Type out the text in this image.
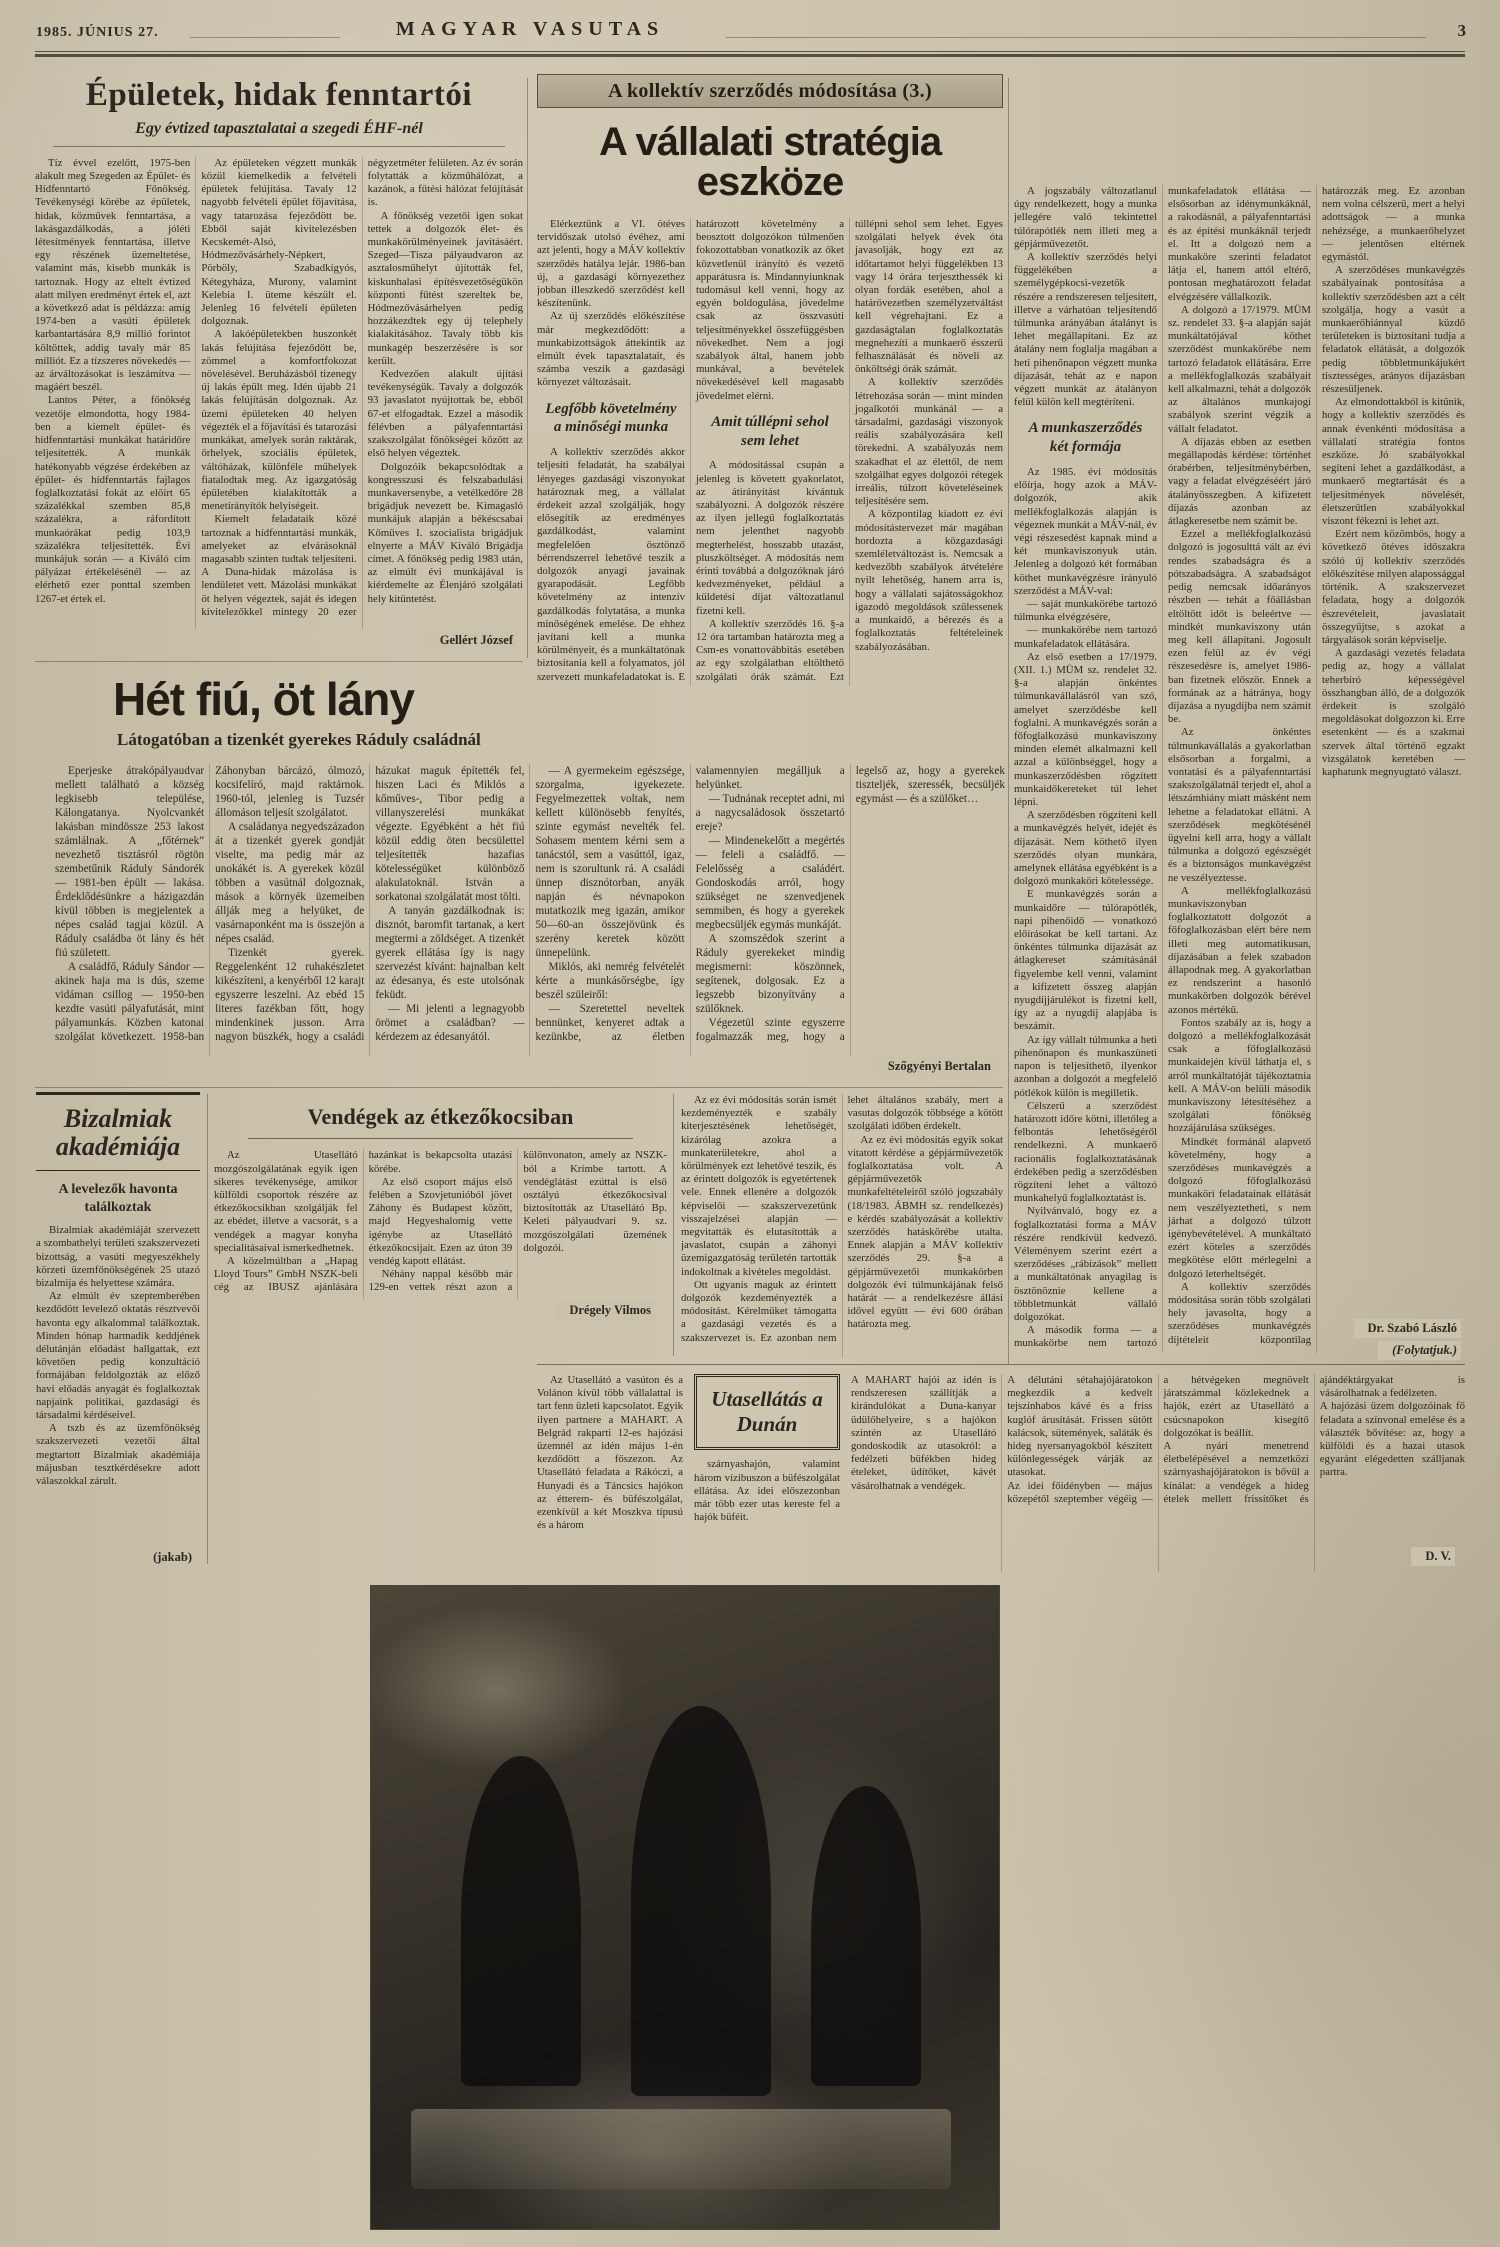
1985. JÚNIUS 27.	MAGYAR VASUTAS	3
Épületek, hidak fenntartói
Egy évtized tapasztalatai a szegedi ÉHF-nél

Tíz évvel ezelőtt, 1975-ben alakult meg Szegeden az Épület- és Hídfenntartó Főnökség. Tevékenységi körébe az épületek, hidak, közművek fenntartása, a lakásgazdálkodás, a jóléti létesítmények fenntartása, illetve egy részének üzemeltetése, valamint más, kisebb munkák is tartoznak. Hogy az eltelt évtized alatt milyen eredményt értek el, azt a következő adat is példázza: amíg 1974-ben a vasúti épületek karbantartására 8,9 millió forintot költöttek, addig tavaly már 85 milliót. Ez a tízszeres növekedés — az árváltozásokat is leszámítva — magáért beszél.

Lantos Péter, a főnökség vezetője elmondotta, hogy 1984-ben a kiemelt épület- és hídfenntartási munkákat határidőre teljesítették. A munkák hatékonyabb végzése érdekében az épület- és hídfenntartás fajlagos foglalkoztatási fokát az előírt 65 százalékkal szemben 85,8 százalékra, a ráfordított munkaórákat pedig 103,9 százalékra teljesítették. Évi munkájuk során — a Kiváló cím pályázat értékelésénél — az elérhető ezer ponttal szemben 1267-et értek el.

Az épületeken végzett munkák közül kiemelkedik a felvételi épületek felújítása. Tavaly 12 nagyobb felvételi épület főjavítása, vagy tatarozása fejeződött be. Ebből saját kivitelezésben Kecskemét-Alsó, Hódmezővásárhely-Népkert, Pörböly, Szabadkígyós, Kétegyháza, Murony, valamint Kelebia I. üteme készült el. Jelenleg 16 felvételi épületen dolgoznak.

A lakóépületekben huszonkét lakás felújítása fejeződött be, zömmel a komfortfokozat növelésével. Beruházásból tizenegy új lakás épült meg. Idén újabb 21 lakás felújításán dolgoznak. Az üzemi épületeken 40 helyen végezték el a főjavítási és tatarozási munkákat, amelyek során raktárak, őrhelyek, szociális épületek, váltóházak, különféle műhelyek fiatalodtak meg. Az igazgatóság épületében kialakították a menetirányítók helyiségeit.

Kiemelt feladataik közé tartoznak a hídfenntartási munkák, amelyeket az elvárásoknál magasabb szinten tudtak teljesíteni. A Duna-hidak mázolása is lendületet vett. Mázolási munkákat öt helyen végeztek, saját és idegen kivitelezőkkel mintegy 20 ezer négyzetméter felületen. Az év során folytatták a közműhálózat, a kazánok, a fűtési hálózat felújítását is.

A főnökség vezetői igen sokat tettek a dolgozók élet- és munkakörülményeinek javításáért. Szeged—Tisza pályaudvaron az asztalosműhelyt újították fel, kiskunhalasi építésvezetőségükön központi fűtést szereltek be, Hódmezővásárhelyen pedig hozzákezdtek egy új telephely kialakításához. Tavaly több kis munkagép beszerzésére is sor került.

Kedvezően alakult újítási tevékenységük. Tavaly a dolgozók 93 javaslatot nyújtottak be, ebből 67-et elfogadtak. Ezzel a második félévben a pályafenntartási szakszolgálat főnökségei között az első helyen végeztek.

Dolgozóik bekapcsolódtak a kongresszusi és felszabadulási munkaversenybe, a vetélkedőre 28 brigádjuk nevezett be. Kimagasló munkájuk alapján a békéscsabai Kőműves I. szocialista brigádjuk elnyerte a MÁV Kiváló Brigádja címet. A főnökség pedig 1983 után, az elmúlt évi munkájával is kiérdemelte az Élenjáró szolgálati hely kitüntetést.

Gellért József
A kollektív szerződés módosítása (3.)
A vállalati stratégia eszköze

Elérkeztünk a VI. ötéves tervidőszak utolsó évéhez, ami azt jelenti, hogy a MÁV kollektív szerződés hatálya lejár. 1986-ban új, a gazdasági környezethez jobban illeszkedő szerződést kell készítenünk.

Az új szerződés előkészítése már megkezdődött: a munkabizottságok áttekintik az elmúlt évek tapasztalatait, és számba veszik a gazdasági környezet változásait.

Legfőbb követelmény a minőségi munka

A kollektív szerződés akkor teljesíti feladatát, ha szabályai lényeges gazdasági viszonyokat határoznak meg, a vállalat érdekeit azzal szolgálják, hogy elősegítik az eredményes gazdálkodást, valamint megfelelően ösztönző bérrendszerrel lehetővé teszik a dolgozók anyagi javainak gyarapodását. Legfőbb követelmény az intenzív gazdálkodás folytatása, a munka minőségének emelése. De ehhez javítani kell a munka körülményeit, és a munkáltatónak biztosítania kell a folyamatos, jól szervezett munkafeladatokat is. E határozott követelmény a beosztott dolgozókon túlmenően fokozottabban vonatkozik az őket közvetlenül irányító és vezető apparátusra is. Mindannyiunknak tudomásul kell venni, hogy az egyén boldogulása, jövedelme csak az összvasúti teljesítményekkel összefüggésben növekedhet. Nem a jogi szabályok által, hanem jobb munkával, a bevételek növekedésével kell magasabb jövedelmet elérni.

Amit túllépni sehol sem lehet

A módosítással csupán a jelenleg is követett gyakorlatot, az átirányítást kívántuk szabályozni. A dolgozók részére az ilyen jellegű foglalkoztatás nem jelenthet nagyobb megterhelést, hosszabb utazást, pluszköltséget. A módosítás nem érinti továbbá a dolgozóknak járó kedvezményeket, például a küldetési díjat változatlanul fizetni kell.

A kollektív szerződés 16. §-a 12 óra tartamban határozta meg a Csm-es vonattovábbítás esetében az egy szolgálatban eltölthető szolgálati órák számát. Ezt túllépni sehol sem lehet. Egyes szolgálati helyek évek óta javasolják, hogy ezt az időtartamot helyi függelékben 13 vagy 14 órára terjeszthessék ki olyan fordák esetében, ahol a határövezetben személyzetváltást kell végrehajtani. Ez a gazdaságtalan foglalkoztatás megnehezíti a munkaerő ésszerű felhasználását és növeli az önköltségi órák számát.

A kollektív szerződés létrehozása során — mint minden jogalkotói munkánál — a társadalmi, gazdasági viszonyok reális szabályozására kell törekedni. A szabályozás nem szakadhat el az élettől, de nem szolgálhat egyes dolgozói rétegek irreális, túlzott követeléseinek teljesítésére sem.

A központilag kiadott ez évi módosítástervezet már magában hordozta a közgazdasági szemléletváltozást is. Nemcsak a kedvezőbb szabályok átvételére nyílt lehetőség, hanem arra is, hogy a vállalati sajátosságokhoz igazodó megoldások szülessenek a munkaidő, a bérezés és a foglalkoztatás feltételeinek szabályozásában.

Az ez évi módosítás során ismét kezdeményezték e szabály kiterjesztésének lehetőségét, kizárólag azokra a munkaterületekre, ahol a körülmények ezt lehetővé teszik, és az érintett dolgozók is egyetértenek vele. Ennek ellenére a dolgozók képviselői — szakszervezetünk visszajelzései alapján — megvitatták és elutasították a javaslatot, csupán a záhonyi üzemigazgatóság területén tartották indokoltnak a kivételes megoldást.

Ott ugyanis maguk az érintett dolgozók kezdeményezték a módosítást. Kérelmüket támogatta a gazdasági vezetés és a szakszervezet is. Ez azonban nem lehet általános szabály, mert a vasutas dolgozók többsége a kötött szolgálati időben érdekelt.

Az ez évi módosítás egyik sokat vitatott kérdése a gépjárművezetők foglalkoztatása volt. A gépjárművezetők munkafeltételeiről szóló jogszabály (18/1983. ÁBMH sz. rendelkezés) e kérdés szabályozását a kollektív szerződés hatáskörébe utalta. Ennek alapján a MÁV kollektív szerződés 29. §-a a gépjárművezetői munkakörben dolgozók évi túlmunkájának felső határát — a rendelkezésre állási idővel együtt — évi 600 órában határozta meg.

A jogszabály változatlanul úgy rendelkezett, hogy a munka jellegére való tekintettel túlórapótlék nem illeti meg a gépjárművezetőt.

A kollektív szerződés helyi függelékében a személygépkocsi-vezetők részére a rendszeresen teljesített, illetve a várhatóan teljesítendő túlmunka arányában átalányt is lehet megállapítani. Ez az átalány nem foglalja magában a heti pihenőnapon végzett munka díjazását, tehát az e napon végzett munkát az átalányon felül külön kell megtéríteni.

A munkaszerződés két formája

Az 1985. évi módosítás előírja, hogy azok a MÁV-dolgozók, akik mellékfoglalkozás alapján is végeznek munkát a MÁV-nál, év végi részesedést kapnak mind a két munkaviszonyuk után. Jelenleg a dolgozó két formában köthet munkavégzésre irányuló szerződést a MÁV-val:

— saját munkakörébe tartozó túlmunka elvégzésére,

— munkakörébe nem tartozó munkafeladatok ellátására.

Az első esetben a 17/1979. (XII. 1.) MÜM sz. rendelet 32. §-a alapján önkéntes túlmunkavállalásról van szó, amelyet szerződésbe kell foglalni. A munkavégzés során a főfoglalkozású munkaviszony minden elemét alkalmazni kell azzal a különbséggel, hogy a munkaszerződésben rögzített munkaidőkereteket túl lehet lépni.

A szerződésben rögzíteni kell a munkavégzés helyét, idejét és díjazását. Nem köthető ilyen szerződés olyan munkára, amelynek ellátása egyébként is a dolgozó munkaköri kötelessége.

E munkavégzés során a munkaidőre — túlórapótlék, napi pihenőidő — vonatkozó előírásokat be kell tartani. Az önkéntes túlmunka díjazását az átlagkereset számításánál figyelembe kell venni, valamint a kifizetett összeg alapján nyugdíjjárulékot is fizetni kell, így az a nyugdíj alapjába is beszámít.

Az így vállalt túlmunka a heti pihenőnapon és munkaszüneti napon is teljesíthető, ilyenkor azonban a dolgozót a megfelelő pótlékok külön is megilletik.

Célszerű a szerződést határozott időre kötni, illetőleg a felbontás lehetőségéről rendelkezni. A munkaerő racionális foglalkoztatásának érdekében pedig a szerződésben rögzíteni lehet a változó munkahelyű foglalkoztatást is.

Nyilvánvaló, hogy ez a foglalkoztatási forma a MÁV részére rendkívül kedvező. Véleményem szerint ezért a szerződéses „rábízások” mellett a munkáltatónak anyagilag is ösztönöznie kellene a többletmunkát vállaló dolgozókat.

A második forma — a munkakörbe nem tartozó munkafeladatok ellátása — elsősorban az idénymunkáknál, a rakodásnál, a pályafenntartási és az építési munkáknál terjedt el. Itt a dolgozó nem a munkaköre szerinti feladatot látja el, hanem attól eltérő, pontosan meghatározott feladat elvégzésére vállalkozik.

A dolgozó a 17/1979. MÜM sz. rendelet 33. §-a alapján saját munkáltatójával köthet szerződést munkakörébe nem tartozó feladatok ellátására. Erre a mellékfoglalkozás szabályait kell alkalmazni, tehát a dolgozók az általános munkajogi szabályok szerint végzik a vállalt feladatot.

A díjazás ebben az esetben megállapodás kérdése: történhet órabérben, teljesítménybérben, vagy a feladat elvégzéséért járó átalányösszegben. A kifizetett díjazás azonban az átlagkeresetbe nem számít be.

Ezzel a mellékfoglalkozású dolgozó is jogosulttá vált az évi rendes szabadságra és a pótszabadságra. A szabadságot pedig nemcsak időarányos részben — tehát a főállásban eltöltött időt is beleértve — mindkét munkaviszony után meg kell állapítani. Jogosult ezen felül az év végi részesedésre is, amelyet 1986-ban fizetnek először. Ennek a formának az a hátránya, hogy díjazása a nyugdíjba nem számít be.

Az önkéntes túlmunkavállalás a gyakorlatban elsősorban a forgalmi, a vontatási és a pályafenntartási szakszolgálatnál terjedt el, ahol a létszámhiány miatt másként nem lehetne a feladatokat ellátni. A szerződések megkötésénél ügyelni kell arra, hogy a vállalt túlmunka a dolgozó egészségét és a biztonságos munkavégzést ne veszélyeztesse.

A mellékfoglalkozású munkaviszonyban foglalkoztatott dolgozót a főfoglalkozásban elért bére nem illeti meg automatikusan, díjazásában a felek szabadon állapodnak meg. A gyakorlatban ez rendszerint a hasonló munkakörben dolgozók bérével azonos mértékű.

Fontos szabály az is, hogy a dolgozó a mellékfoglalkozását csak a főfoglalkozású munkaidején kívül láthatja el, s arról munkáltatóját tájékoztatnia kell. A MÁV-on belüli második munkaviszony létesítéséhez a szolgálati főnökség hozzájárulása szükséges.

Mindkét formánál alapvető követelmény, hogy a szerződéses munkavégzés a dolgozó főfoglalkozású munkaköri feladatainak ellátását nem veszélyeztetheti, s nem járhat a dolgozó túlzott igénybevételével. A munkáltató ezért köteles a szerződés megkötése előtt mérlegelni a dolgozó leterheltségét.

A kollektív szerződés módosítása során több szolgálati hely javasolta, hogy a szerződéses munkavégzés díjtételeit központilag határozzák meg. Ez azonban nem volna célszerű, mert a helyi adottságok — a munka nehézsége, a munkaerőhelyzet — jelentősen eltérnek egymástól.

A szerződéses munkavégzés szabályainak pontosítása a kollektív szerződésben azt a célt szolgálja, hogy a vasút a munkaerőhiánnyal küzdő területeken is biztosítani tudja a feladatok ellátását, a dolgozók pedig többletmunkájukért tisztességes, arányos díjazásban részesüljenek.

Az elmondottakból is kitűnik, hogy a kollektív szerződés és annak évenkénti módosítása a vállalati stratégia fontos eszköze. Jó szabályokkal segíteni lehet a gazdálkodást, a munkaerő megtartását és a teljesítmények növelését, életszerűtlen szabályokkal viszont fékezni is lehet azt.

Ezért nem közömbös, hogy a következő ötéves időszakra szóló új kollektív szerződés előkészítése milyen alapossággal történik. A szakszervezet feladata, hogy a dolgozók észrevételeit, javaslatait összegyűjtse, s azokat a tárgyalások során képviselje.

A gazdasági vezetés feladata pedig az, hogy a vállalat teherbíró képességével összhangban álló, de a dolgozók érdekeit is szolgáló megoldásokat dolgozzon ki. Erre esetenként — és a szakmai szervek által történő egzakt vizsgálatok keretében — kaphatunk megnyugtató választ.

Dr. Szabó László
(Folytatjuk.)
Hét fiú, öt lány
Látogatóban a tizenkét gyerekes Ráduly családnál

Eperjeske átrakópályaudvar mellett található a község legkisebb települése, Kálongatanya. Nyolcvankét lakásban mindössze 253 lakost számlálnak. A „főtérnek” nevezhető tisztásról rögtön szembetűnik Ráduly Sándorék — 1981-ben épült — lakása. Érdeklődésünkre a házigazdán kívül többen is megjelentek a népes család tagjai közül. A Ráduly családba öt lány és hét fiú született.

A családfő, Ráduly Sándor — akinek haja ma is dús, szeme vidáman csillog — 1950-ben kezdte vasúti pályafutását, mint pályamunkás. Közben katonai szolgálat következett. 1958-ban Záhonyban bárcázó, ólmozó, kocsifelíró, majd raktárnok. 1960-tól, jelenleg is Tuzsér állomáson teljesít szolgálatot.

A családanya negyedszázadon át a tizenkét gyerek gondját viselte, ma pedig már az unokákét is. A gyerekek közül többen a vasútnál dolgoznak, mások a környék üzemeiben állják meg a helyüket, de vasárnaponként ma is összejön a népes család.

Tizenkét gyerek. Reggelenként 12 ruhakészletet kikészíteni, a kenyérből 12 karajt egyszerre leszelni. Az ebéd 15 literes fazékban főtt, hogy mindenkinek jusson. Arra nagyon büszkék, hogy a családi házukat maguk építették fel, hiszen Laci és Miklós a kőműves-, Tibor pedig a villanyszerelési munkákat végezte. Egyébként a hét fiú közül eddig öten becsülettel teljesítették hazafias kötelességüket különböző alakulatoknál. István a sorkatonai szolgálatát most tölti.

A tanyán gazdálkodnak is: disznót, baromfit tartanak, a kert megtermi a zöldséget. A tizenkét gyerek ellátása így is nagy szervezést kívánt: hajnalban kelt az édesanya, és este utolsónak feküdt.

— Mi jelenti a legnagyobb örömet a családban? — kérdezem az édesanyától.

— A gyermekeim egészsége, szorgalma, igyekezete. Fegyelmezettek voltak, nem kellett különösebb fenyítés, szinte egymást nevelték fel. Sohasem mentem kérni sem a tanácstól, sem a vasúttól, igaz, nem is szorultunk rá. A családi ünnep disznótorban, anyák napján és névnapokon mutatkozik meg igazán, amikor 50—60-an összejövünk és szerény keretek között ünnepelünk.

Miklós, aki nemrég felvételét kérte a munkásőrségbe, így beszél szüleiről:

— Szeretettel neveltek bennünket, kenyeret adtak a kezünkbe, az életben valamennyien megálljuk a helyünket.

— Tudnának receptet adni, mi a nagycsaládosok összetartó ereje?

— Mindenekelőtt a megértés — feleli a családfő. — Felelősség a családért. Gondoskodás arról, hogy szükséget ne szenvedjenek semmiben, és hogy a gyerekek megbecsüljék egymás munkáját.

A szomszédok szerint a Ráduly gyerekeket mindig megismerni: köszönnek, segítenek, dolgosak. Ez a legszebb bizonyítvány a szülőknek.

Végezetül szinte egyszerre fogalmazzák meg, hogy a legelső az, hogy a gyerekek tiszteljék, szeressék, becsüljék egymást — és a szülőket…

Szőgyényi Bertalan
Bizalmiak akadémiája
A levelezők havonta találkoztak

Bizalmiak akadémiáját szervezett a szombathelyi területi szakszervezeti bizottság, a vasúti megyeszékhely körzeti üzemfőnökségének 25 utazó bizalmija és helyettese számára.

Az elmúlt év szeptemberében kezdődött levelező oktatás résztvevői havonta egy alkalommal találkoztak. Minden hónap harmadik keddjének délutánján előadást hallgattak, ezt követően pedig konzultáció formájában feldolgozták az előző havi előadás anyagát és foglalkoztak napjaink politikai, gazdasági és társadalmi kérdéseivel.

A tszb és az üzemfőnökség szakszervezeti vezetői által megtartott Bizalmiak akadémiája májusban tesztkérdésekre adott válaszokkal zárult.

(jakab)
Vendégek az étkezőkocsiban

Az Utasellátó mozgószolgálatának egyik igen sikeres tevékenysége, amikor külföldi csoportok részére az étkezőkocsikban szolgálják fel az ebédet, illetve a vacsorát, s a vendégek a magyar konyha specialitásaival ismerkedhetnek.

A közelmúltban a „Hapag Lloyd Tours” GmbH NSZK-beli cég az IBUSZ ajánlására hazánkat is bekapcsolta utazási körébe.

Az első csoport május első felében a Szovjetunióból jövet Záhony és Budapest között, majd Hegyeshalomig vette igénybe az Utasellátó étkezőkocsijait. Ezen az úton 39 vendég kapott ellátást.

Néhány nappal később már 129-en vettek részt azon a különvonaton, amely az NSZK-ból a Krímbe tartott. A vendéglátást ezúttal is első osztályú étkezőkocsival biztosították az Utasellátó Bp. Keleti pályaudvari 9. sz. mozgószolgálati üzemének dolgozói.

Drégely Vilmos

Az Utasellátó a vasúton és a Volánon kívül több vállalattal is tart fenn üzleti kapcsolatot. Egyik ilyen partnere a MAHART. A Belgrád rakparti 12-es hajózási üzemnél az idén május 1-én kezdődött a főszezon. Az Utasellátó feladata a Rákóczi, a Hunyadi és a Táncsics hajókon az étterem- és büfészolgálat, ezenkívül a két Moszkva típusú és a három

Utasellátás a Dunán

szárnyashajón, valamint három vízibuszon a büfészolgálat ellátása. Az idei előszezonban már több ezer utas kereste fel a hajók büféit.

A MAHART hajói az idén is rendszeresen szállítják a kirándulókat a Duna-kanyar üdülőhelyeire, s a hajókon szintén az Utasellátó gondoskodik az utasokról: a fedélzeti büfékben hideg ételeket, üdítőket, kávét vásárolhatnak a vendégek.

A délutáni sétahajójáratokon megkezdik a kedvelt tejszínhabos kávé és a friss kuglóf árusítását. Frissen sütött kalácsok, sütemények, saláták és hideg nyersanyagokból készített különlegességek várják az utasokat.

Az idei főidényben — május közepétől szeptember végéig — a hétvégeken megnövelt járatszámmal közlekednek a hajók, ezért az Utasellátó a csúcsnapokon kisegítő dolgozókat is beállít.

A nyári menetrend életbelépésével a nemzetközi szárnyashajójáratokon is bővül a kínálat: a vendégek a hideg ételek mellett frissítőket és ajándéktárgyakat is vásárolhatnak a fedélzeten.

A hajózási üzem dolgozóinak fő feladata a színvonal emelése és a választék bővítése: az, hogy a külföldi és a hazai utasok egyaránt elégedetten szálljanak partra.

D. V.
